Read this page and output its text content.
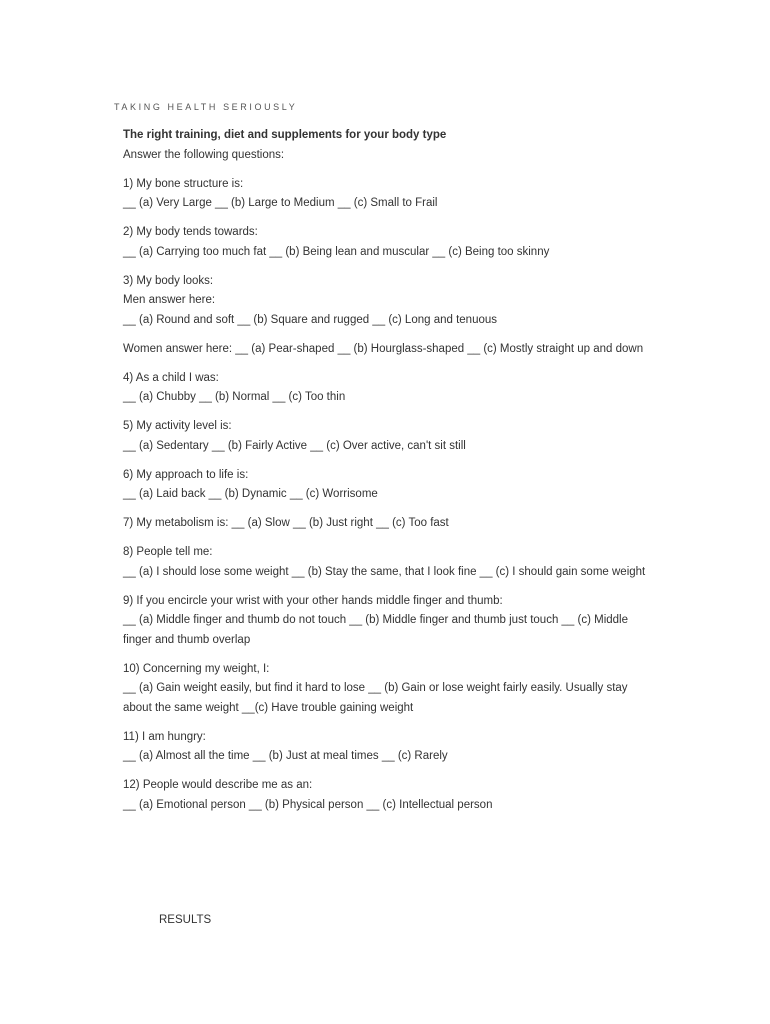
TAKING HEALTH SERIOUSLY
The right training, diet and supplements for your body type
Answer the following questions:
1) My bone structure is:
__ (a) Very Large __ (b) Large to Medium __ (c) Small to Frail
2) My body tends towards:
__ (a) Carrying too much fat __ (b) Being lean and muscular __ (c) Being too skinny
3) My body looks:
Men answer here:
__ (a) Round and soft __ (b) Square and rugged __ (c) Long and tenuous
Women answer here: __ (a) Pear-shaped __ (b) Hourglass-shaped __ (c) Mostly straight up and down
4) As a child I was:
__ (a) Chubby __ (b) Normal __ (c) Too thin
5) My activity level is:
__ (a) Sedentary __ (b) Fairly Active __ (c) Over active, can't sit still
6) My approach to life is:
__ (a) Laid back __ (b) Dynamic __ (c) Worrisome
7) My metabolism is: __ (a) Slow __ (b) Just right __ (c) Too fast
8) People tell me:
__ (a) I should lose some weight __ (b) Stay the same, that I look fine __ (c) I should gain some weight
9) If you encircle your wrist with your other hands middle finger and thumb:
__ (a) Middle finger and thumb do not touch __ (b) Middle finger and thumb just touch __ (c) Middle finger and thumb overlap
10) Concerning my weight, I:
__ (a) Gain weight easily, but find it hard to lose __ (b) Gain or lose weight fairly easily. Usually stay about the same weight __(c) Have trouble gaining weight
11) I am hungry:
__ (a) Almost all the time __ (b) Just at meal times __ (c) Rarely
12) People would describe me as an:
__ (a) Emotional person __ (b) Physical person __ (c) Intellectual person
RESULTS
